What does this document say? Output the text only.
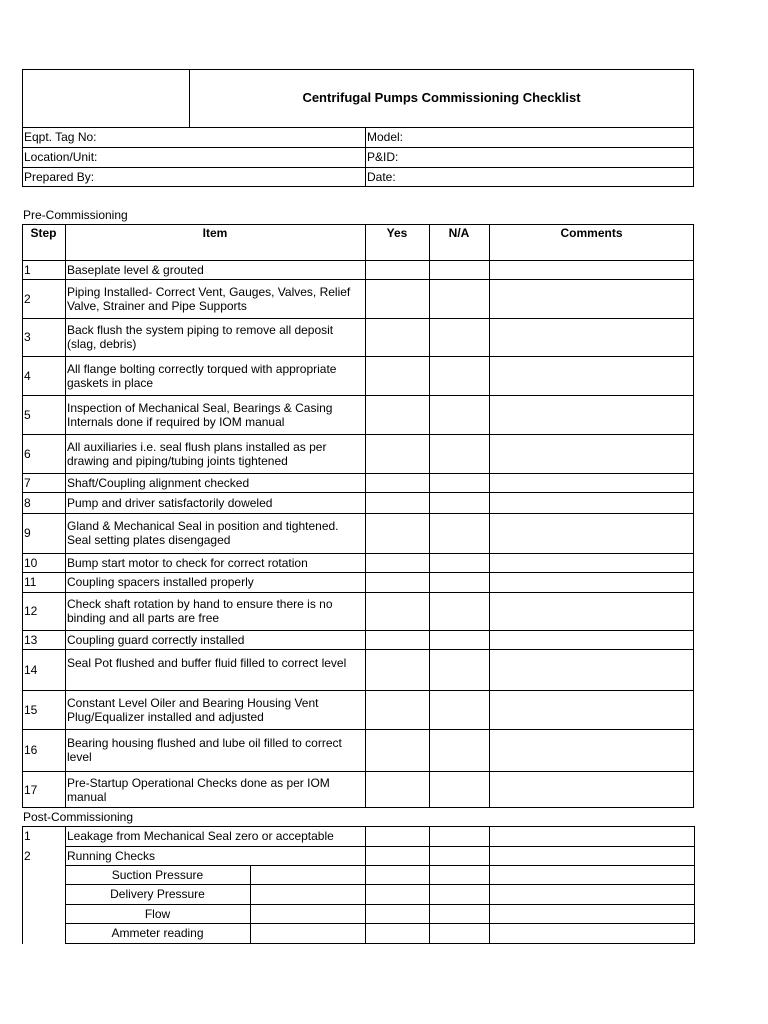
Centrifugal Pumps Commissioning Checklist
Eqpt. Tag No:	Model:
Location/Unit:	P&ID:
Prepared By:	Date:
Pre-Commissioning
Step	Item	Yes	N/A	Comments
Post-Commissioning
1	Baseplate level & grouted
2	Piping Installed- Correct Vent, Gauges, Valves, Relief Valve, Strainer and Pipe Supports
3	Back flush the system piping to remove all deposit (slag, debris)
4	All flange bolting correctly torqued with appropriate gaskets in place
5	Inspection of Mechanical Seal, Bearings & Casing Internals done if required by IOM manual
6	All auxiliaries i.e. seal flush plans installed as per drawing and piping/tubing joints tightened
7	Shaft/Coupling alignment checked
8	Pump and driver satisfactorily doweled
9	Gland & Mechanical Seal in position and tightened. Seal setting plates disengaged
10 Bump start motor to check for correct rotation
11	Coupling spacers installed properly
12 Check shaft rotation by hand to ensure there is no binding and all parts are free
13 Coupling guard correctly installed
14 Seal Pot flushed and buffer fluid filled to correct level
15 Constant Level Oiler and Bearing Housing Vent Plug/Equalizer installed and adjusted
16 Bearing housing flushed and lube oil filled to correct level
17 Pre-Startup Operational Checks done as per IOM manual
1	Leakage from Mechanical Seal zero or acceptable
2	Running Checks
Suction Pressure
Delivery Pressure
Flow
Ammeter reading
